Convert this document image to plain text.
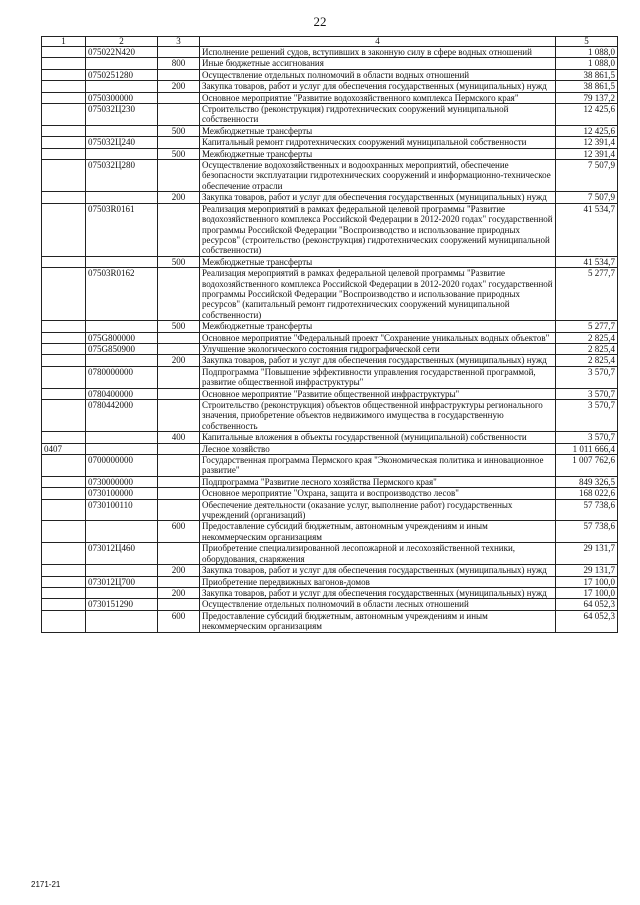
22
1	2	3	4	5
	075022N420		Исполнение решений судов, вступивших в законную силу в сфере водных отношений	1 088,0
		800	Иные бюджетные ассигнования	1 088,0
	0750251280		Осуществление отдельных полномочий в области водных отношений	38 861,5
		200	Закупка товаров, работ и услуг для обеспечения государственных (муниципальных) нужд	38 861,5
	0750300000		Основное мероприятие "Развитие водохозяйственного комплекса Пермского края"	79 137,2
	075032Ц230		Строительство (реконструкция) гидротехнических сооружений муниципальной собственности	12 425,6
		500	Межбюджетные трансферты	12 425,6
	075032Ц240		Капитальный ремонт гидротехнических сооружений муниципальной собственности	12 391,4
		500	Межбюджетные трансферты	12 391,4
	075032Ц280		Осуществление водохозяйственных и водоохранных мероприятий, обеспечение безопасности эксплуатации гидротехнических сооружений и информационно-техническое обеспечение отрасли	7 507,9
		200	Закупка товаров, работ и услуг для обеспечения государственных (муниципальных) нужд	7 507,9
	07503R0161		Реализация мероприятий в рамках федеральной целевой программы "Развитие водохозяйственного комплекса Российской Федерации в 2012-2020 годах" государственной программы Российской Федерации "Воспроизводство и использование природных ресурсов" (строительство (реконструкция) гидротехнических сооружений муниципальной собственности)	41 534,7
		500	Межбюджетные трансферты	41 534,7
	07503R0162		Реализация мероприятий в рамках федеральной целевой программы "Развитие водохозяйственного комплекса Российской Федерации в 2012-2020 годах" государственной программы Российской Федерации "Воспроизводство и использование природных ресурсов" (капитальный ремонт гидротехнических сооружений муниципальной собственности)	5 277,7
		500	Межбюджетные трансферты	5 277,7
	075G800000		Основное мероприятие "Федеральный проект "Сохранение уникальных водных объектов"	2 825,4
	075G850900		Улучшение экологического состояния гидрографической сети	2 825,4
		200	Закупка товаров, работ и услуг для обеспечения государственных (муниципальных) нужд	2 825,4
	0780000000		Подпрограмма "Повышение эффективности управления государственной программой, развитие общественной инфраструктуры"	3 570,7
	0780400000		Основное мероприятие "Развитие общественной инфраструктуры"	3 570,7
	0780442000		Строительство (реконструкция) объектов общественной инфраструктуры регионального значения, приобретение объектов недвижимого имущества в государственную собственность	3 570,7
		400	Капитальные вложения в объекты государственной (муниципальной) собственности	3 570,7
0407			Лесное хозяйство	1 011 666,4
	0700000000		Государственная программа Пермского края "Экономическая политика и инновационное развитие"	1 007 762,6
	0730000000		Подпрограмма "Развитие лесного хозяйства Пермского края"	849 326,5
	0730100000		Основное мероприятие "Охрана, защита и воспроизводство лесов"	168 022,6
	0730100110		Обеспечение деятельности (оказание услуг, выполнение работ) государственных учреждений (организаций)	57 738,6
		600	Предоставление субсидий бюджетным, автономным учреждениям и иным некоммерческим организациям	57 738,6
	073012Ц460		Приобретение специализированной лесопожарной и лесохозяйственной техники, оборудования, снаряжения	29 131,7
		200	Закупка товаров, работ и услуг для обеспечения государственных (муниципальных) нужд	29 131,7
	073012Ц700		Приобретение передвижных вагонов-домов	17 100,0
		200	Закупка товаров, работ и услуг для обеспечения государственных (муниципальных) нужд	17 100,0
	0730151290		Осуществление отдельных полномочий в области лесных отношений	64 052,3
		600	Предоставление субсидий бюджетным, автономным учреждениям и иным некоммерческим организациям	64 052,3
2171-21
